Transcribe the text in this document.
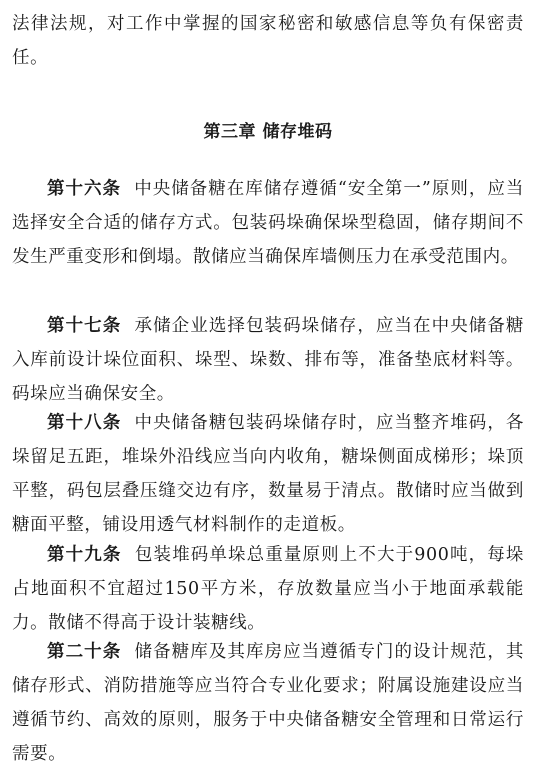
法律法规，对工作中掌握的国家秘密和敏感信息等负有保密责任。

第三章 储存堆码

第十六条 中央储备糖在库储存遵循“安全第一”原则，应当选择安全合适的储存方式。包装码垛确保垛型稳固，储存期间不发生严重变形和倒塌。散储应当确保库墙侧压力在承受范围内。

第十七条 承储企业选择包装码垛储存，应当在中央储备糖入库前设计垛位面积、垛型、垛数、排布等，准备垫底材料等。码垛应当确保安全。

第十八条 中央储备糖包装码垛储存时，应当整齐堆码，各垛留足五距，堆垛外沿线应当向内收角，糖垛侧面成梯形；垛顶平整，码包层叠压缝交边有序，数量易于清点。散储时应当做到糖面平整，铺设用透气材料制作的走道板。

第十九条 包装堆码单垛总重量原则上不大于900吨，每垛占地面积不宜超过150平方米，存放数量应当小于地面承载能力。散储不得高于设计装糖线。

第二十条 储备糖库及其库房应当遵循专门的设计规范，其储存形式、消防措施等应当符合专业化要求；附属设施建设应当遵循节约、高效的原则，服务于中央储备糖安全管理和日常运行需要。
